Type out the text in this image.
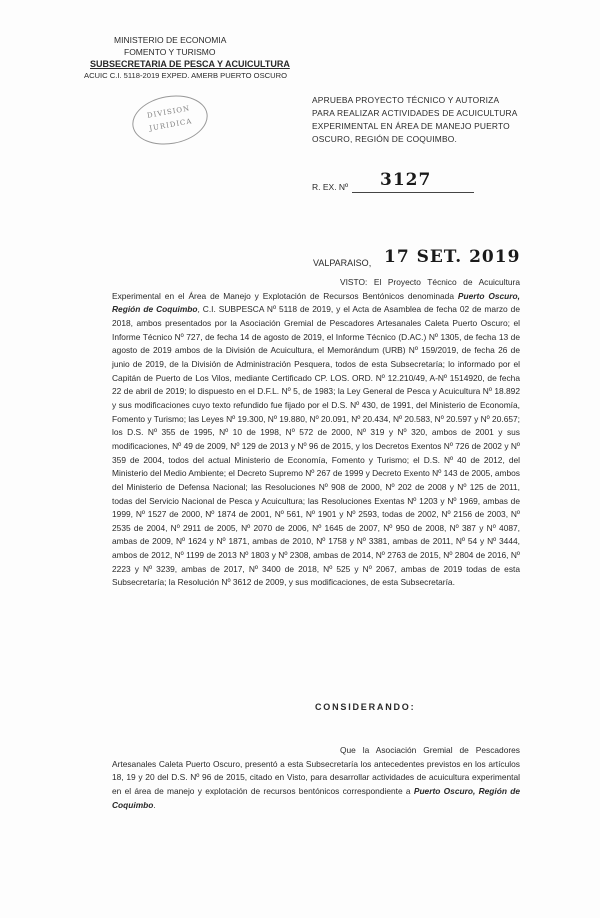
MINISTERIO DE ECONOMIA
FOMENTO Y TURISMO
SUBSECRETARIA DE PESCA Y ACUICULTURA
ACUIC C.I. 5118-2019 EXPED. AMERB PUERTO OSCURO
DIVISION
JURIDICA
APRUEBA PROYECTO TÉCNICO Y AUTORIZA PARA REALIZAR ACTIVIDADES DE ACUICULTURA EXPERIMENTAL EN ÁREA DE MANEJO PUERTO OSCURO, REGIÓN DE COQUIMBO.
R. EX. Nº 3127
VALPARAISO, 17 SET. 2019

VISTO: El Proyecto Técnico de Acuicultura Experimental en el Área de Manejo y Explotación de Recursos Bentónicos denominada Puerto Oscuro, Región de Coquimbo, C.I. SUBPESCA Nº 5118 de 2019, y el Acta de Asamblea de fecha 02 de marzo de 2018, ambos presentados por la Asociación Gremial de Pescadores Artesanales Caleta Puerto Oscuro; el Informe Técnico Nº 727, de fecha 14 de agosto de 2019, el Informe Técnico (D.AC.) Nº 1305, de fecha 13 de agosto de 2019 ambos de la División de Acuicultura, el Memorándum (URB) Nº 159/2019, de fecha 26 de junio de 2019, de la División de Administración Pesquera, todos de esta Subsecretaría; lo informado por el Capitán de Puerto de Los Vilos, mediante Certificado CP. LOS. ORD. Nº 12.210/49, A-Nº 1514920, de fecha 22 de abril de 2019; lo dispuesto en el D.F.L. Nº 5, de 1983; la Ley General de Pesca y Acuicultura Nº 18.892 y sus modificaciones cuyo texto refundido fue fijado por el D.S. Nº 430, de 1991, del Ministerio de Economía, Fomento y Turismo; las Leyes Nº 19.300, Nº 19.880, Nº 20.091, Nº 20.434, Nº 20.583, Nº 20.597 y Nº 20.657; los D.S. Nº 355 de 1995, Nº 10 de 1998, Nº 572 de 2000, Nº 319 y Nº 320, ambos de 2001 y sus modificaciones, Nº 49 de 2009, Nº 129 de 2013 y Nº 96 de 2015, y los Decretos Exentos Nº 726 de 2002 y Nº 359 de 2004, todos del actual Ministerio de Economía, Fomento y Turismo; el D.S. Nº 40 de 2012, del Ministerio del Medio Ambiente; el Decreto Supremo Nº 267 de 1999 y Decreto Exento Nº 143 de 2005, ambos del Ministerio de Defensa Nacional; las Resoluciones Nº 908 de 2000, Nº 202 de 2008 y Nº 125 de 2011, todas del Servicio Nacional de Pesca y Acuicultura; las Resoluciones Exentas Nº 1203 y Nº 1969, ambas de 1999, Nº 1527 de 2000, Nº 1874 de 2001, Nº 561, Nº 1901 y Nº 2593, todas de 2002, Nº 2156 de 2003, Nº 2535 de 2004, Nº 2911 de 2005, Nº 2070 de 2006, Nº 1645 de 2007, Nº 950 de 2008, Nº 387 y Nº 4087, ambas de 2009, Nº 1624 y Nº 1871, ambas de 2010, Nº 1758 y Nº 3381, ambas de 2011, Nº 54 y Nº 3444, ambos de 2012, Nº 1199 de 2013 Nº 1803 y Nº 2308, ambas de 2014, Nº 2763 de 2015, Nº 2804 de 2016, Nº 2223 y Nº 3239, ambas de 2017, Nº 3400 de 2018, Nº 525 y Nº 2067, ambas de 2019 todas de esta Subsecretaría; la Resolución Nº 3612 de 2009, y sus modificaciones, de esta Subsecretaría.

CONSIDERANDO:

Que la Asociación Gremial de Pescadores Artesanales Caleta Puerto Oscuro, presentó a esta Subsecretaría los antecedentes previstos en los artículos 18, 19 y 20 del D.S. Nº 96 de 2015, citado en Visto, para desarrollar actividades de acuicultura experimental en el área de manejo y explotación de recursos bentónicos correspondiente a Puerto Oscuro, Región de Coquimbo.
